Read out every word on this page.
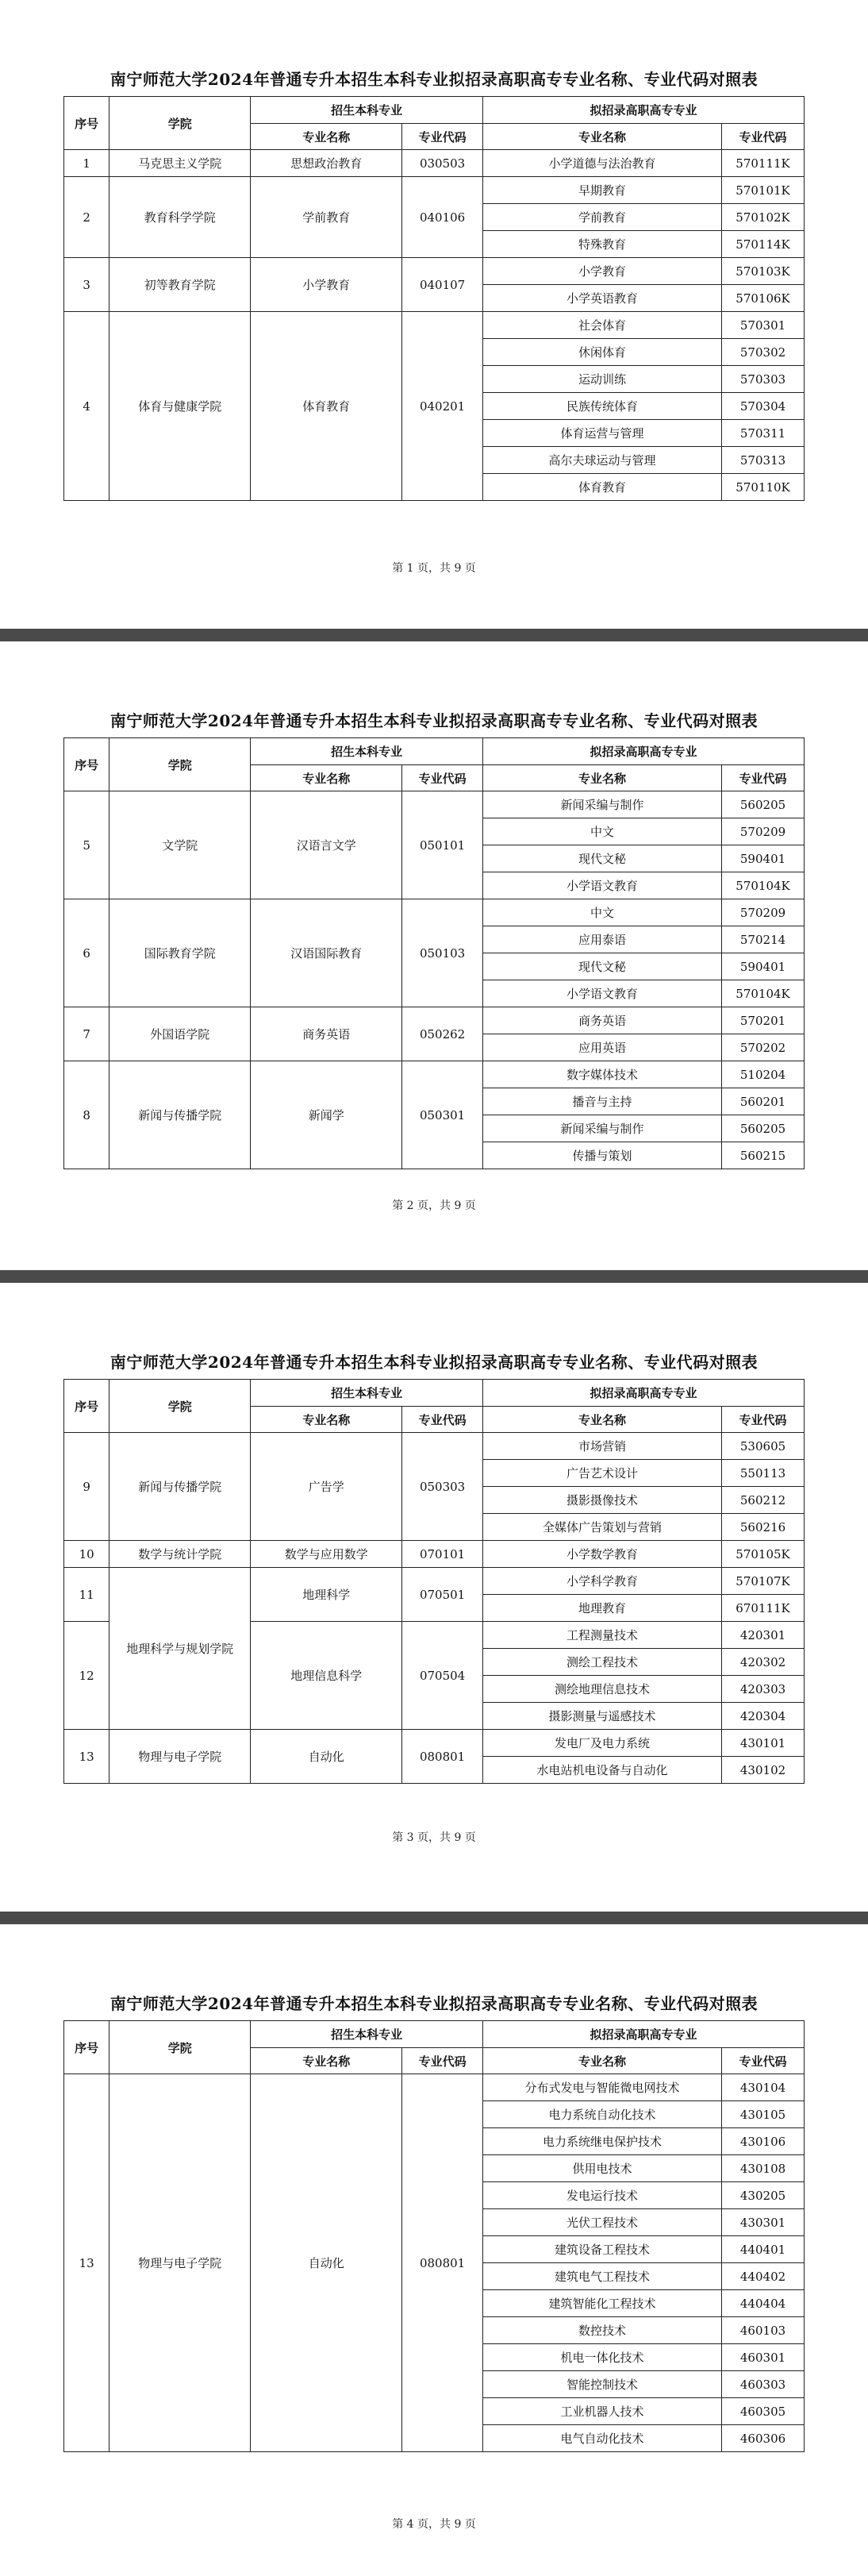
南宁师范大学2024年普通专升本招生本科专业拟招录高职高专专业名称、专业代码对照表
序号	学院	招生本科专业		拟招录高职高专专业	
		专业名称	专业代码	专业名称	专业代码
1	马克思主义学院	思想政治教育	030503	小学道德与法治教育	570111K
2	教育科学学院	学前教育	040106	早期教育	570101K
				学前教育	570102K
				特殊教育	570114K
3	初等教育学院	小学教育	040107	小学教育	570103K
				小学英语教育	570106K
4	体育与健康学院	体育教育	040201	社会体育	570301
				休闲体育	570302
				运动训练	570303
				民族传统体育	570304
				体育运营与管理	570311
				高尔夫球运动与管理	570313
				体育教育	570110K
第 1 页，共 9 页
南宁师范大学2024年普通专升本招生本科专业拟招录高职高专专业名称、专业代码对照表
序号	学院	招生本科专业		拟招录高职高专专业	
		专业名称	专业代码	专业名称	专业代码
5	文学院	汉语言文学	050101	新闻采编与制作	560205
				中文	570209
				现代文秘	590401
				小学语文教育	570104K
6	国际教育学院	汉语国际教育	050103	中文	570209
				应用泰语	570214
				现代文秘	590401
				小学语文教育	570104K
7	外国语学院	商务英语	050262	商务英语	570201
				应用英语	570202
8	新闻与传播学院	新闻学	050301	数字媒体技术	510204
				播音与主持	560201
				新闻采编与制作	560205
				传播与策划	560215
第 2 页，共 9 页
南宁师范大学2024年普通专升本招生本科专业拟招录高职高专专业名称、专业代码对照表
序号	学院	招生本科专业		拟招录高职高专专业	
		专业名称	专业代码	专业名称	专业代码
9	新闻与传播学院	广告学	050303	市场营销	530605
				广告艺术设计	550113
				摄影摄像技术	560212
				全媒体广告策划与营销	560216
10	数学与统计学院	数学与应用数学	070101	小学数学教育	570105K
11	地理科学与规划学院	地理科学	070501	小学科学教育	570107K
				地理教育	670111K
12		地理信息科学	070504	工程测量技术	420301
				测绘工程技术	420302
				测绘地理信息技术	420303
				摄影测量与遥感技术	420304
13	物理与电子学院	自动化	080801	发电厂及电力系统	430101
				水电站机电设备与自动化	430102
第 3 页，共 9 页
南宁师范大学2024年普通专升本招生本科专业拟招录高职高专专业名称、专业代码对照表
序号	学院	招生本科专业		拟招录高职高专专业	
		专业名称	专业代码	专业名称	专业代码
13	物理与电子学院	自动化	080801	分布式发电与智能微电网技术	430104
				电力系统自动化技术	430105
				电力系统继电保护技术	430106
				供用电技术	430108
				发电运行技术	430205
				光伏工程技术	430301
				建筑设备工程技术	440401
				建筑电气工程技术	440402
				建筑智能化工程技术	440404
				数控技术	460103
				机电一体化技术	460301
				智能控制技术	460303
				工业机器人技术	460305
				电气自动化技术	460306
第 4 页，共 9 页
